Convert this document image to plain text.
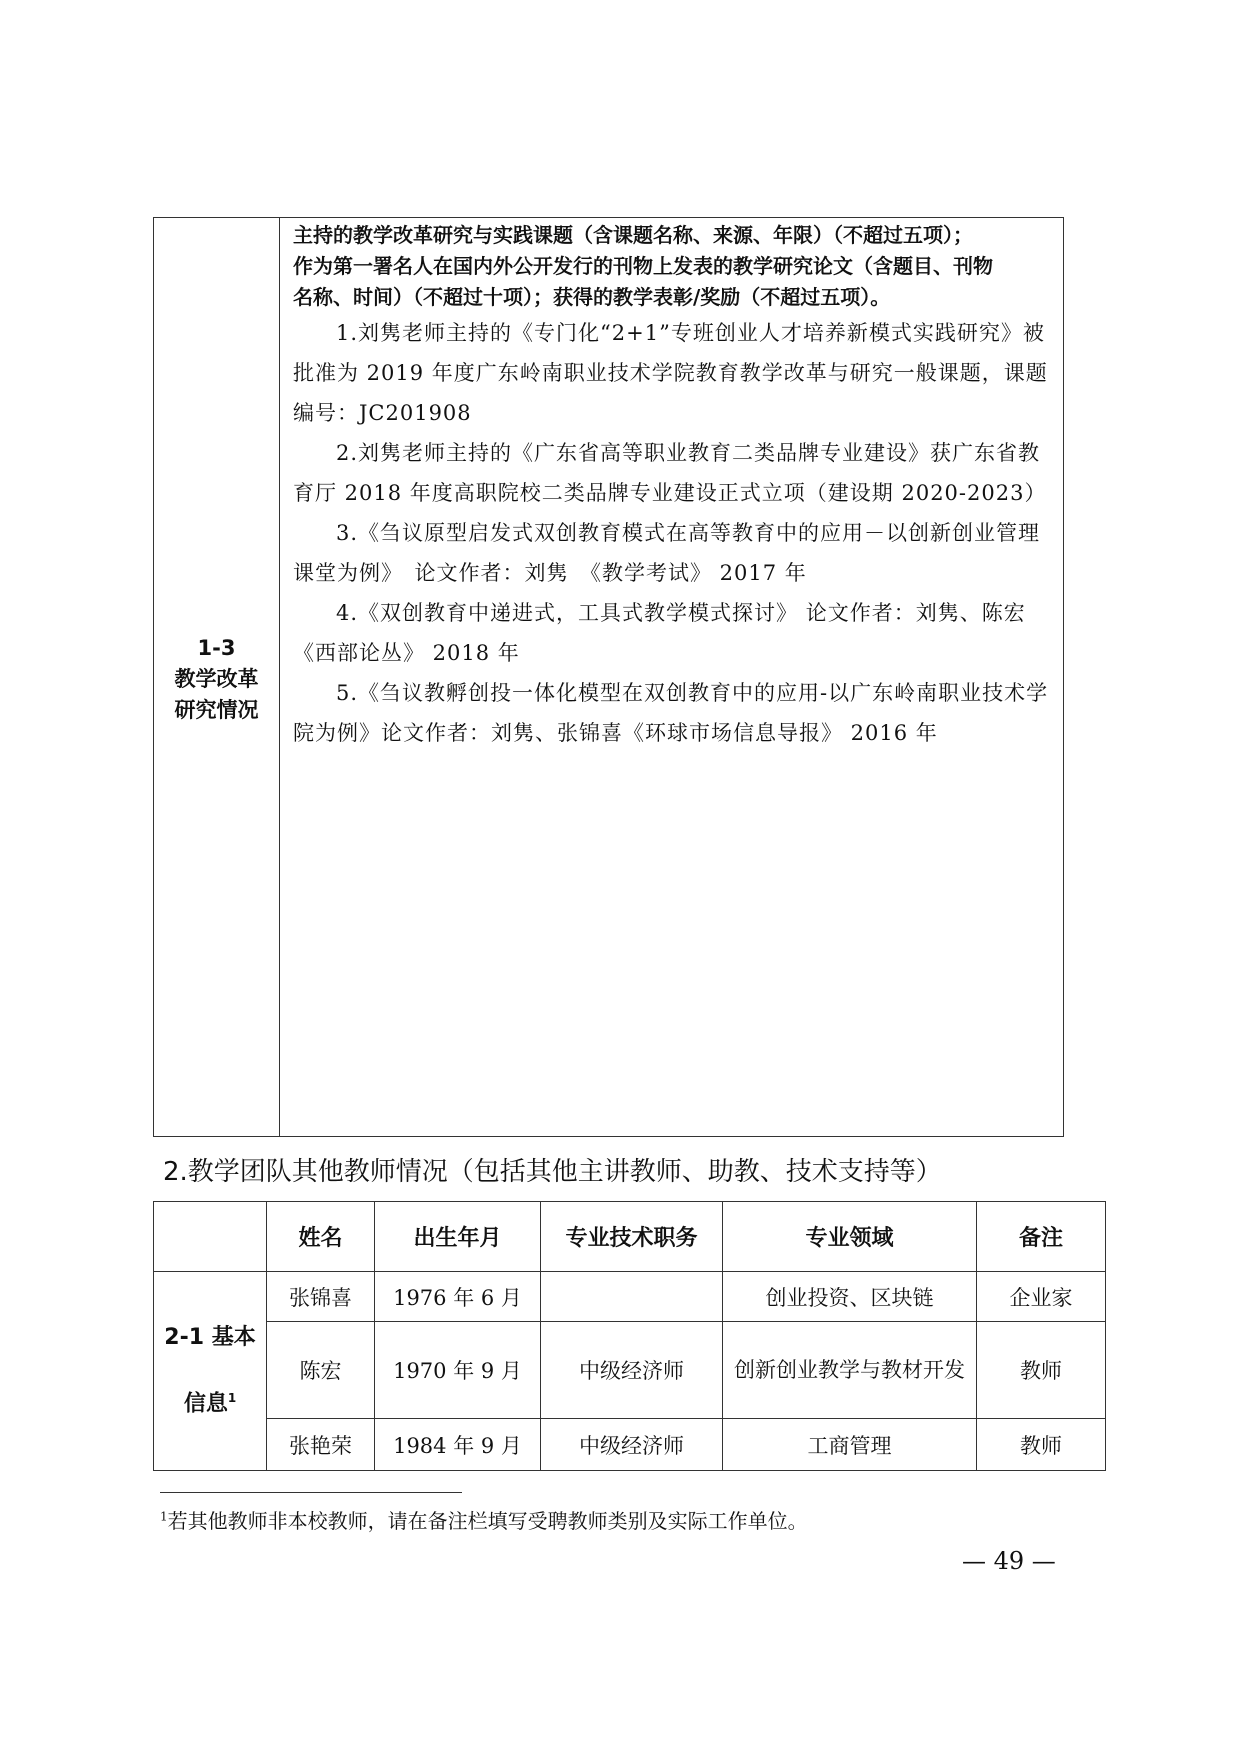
1-3
教学改革
研究情况
主持的教学改革研究与实践课题（含课题名称、来源、年限）（不超过五项）；
作为第一署名人在国内外公开发行的刊物上发表的教学研究论文（含题目、刊物
名称、时间）（不超过十项）；获得的教学表彰/奖励（不超过五项）。
1.刘隽老师主持的《专门化“2+1”专班创业人才培养新模式实践研究》被批准为 2019 年度广东岭南职业技术学院教育教学改革与研究一般课题，课题编号：JC201908
2.刘隽老师主持的《广东省高等职业教育二类品牌专业建设》获广东省教育厅 2018 年度高职院校二类品牌专业建设正式立项（建设期 2020-2023）
3.《刍议原型启发式双创教育模式在高等教育中的应用－以创新创业管理课堂为例》　论文作者：刘隽　《教学考试》 2017 年
4.《双创教育中递进式，工具式教学模式探讨》 论文作者：刘隽、陈宏　《西部论丛》 2018 年
5.《刍议教孵创投一体化模型在双创教育中的应用-以广东岭南职业技术学院为例》论文作者：刘隽、张锦喜《环球市场信息导报》 2016 年
2.教学团队其他教师情况（包括其他主讲教师、助教、技术支持等）
	姓名	出生年月	专业技术职务	专业领域	备注
2-1 基本信息$^1$	张锦喜	1976 年 6 月		创业投资、区块链	企业家
	陈宏	1970 年 9 月	中级经济师	创新创业教学与教材开发	教师
	张艳荣	1984 年 9 月	中级经济师	工商管理	教师
$^1$若其他教师非本校教师，请在备注栏填写受聘教师类别及实际工作单位。
— 49 —
